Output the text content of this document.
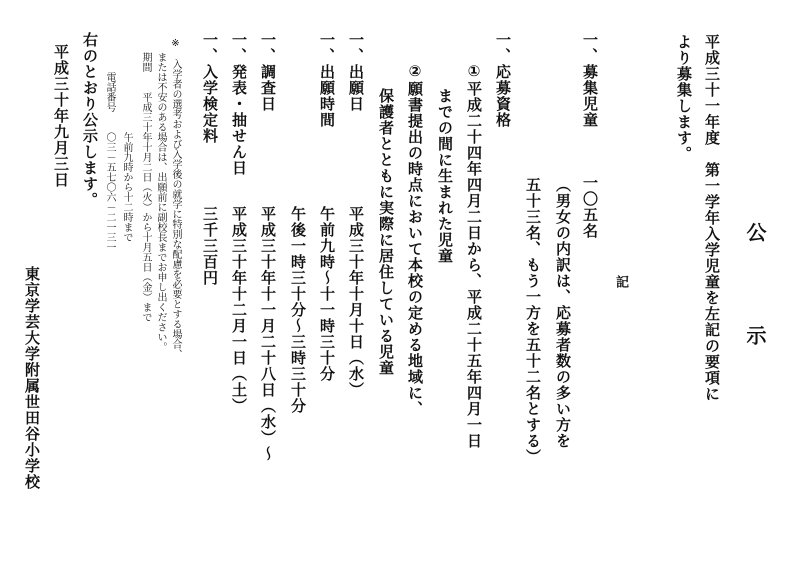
公
示
平成三十一年度　第一学年入学児童を左記の要項に
より募集します。
記
一、募集児童
一〇五名
（男女の内訳は、応募者数の多い方を
五十三名、もう一方を五十二名とする）
一、応募資格
①平成二十四年四月二日から、平成二十五年四月一日
までの間に生まれた児童
②願書提出の時点において本校の定める地域に、
保護者とともに実際に居住している児童
一、出願日
平成三十年十月十日（水）
一、出願時間
午前九時～十一時三十分
午後一時三十分～三時三十分
一、調査日
平成三十年十一月二十八日（水）～
一、発表・抽せん日
平成三十年十二月一日（土）
一、入学検定料
三千三百円
※　入学者の選考および入学後の就学に特別な配慮を必要とする場合、
または不安のある場合は、出願前に副校長までお申し出ください。
期間　　平成三十年十月二日（火）から十月五日（金）まで
午前九時から十二時まで
電話番号　　〇三－五七〇六－二一三一
右のとおり公示します。
平成三十年九月三日
東京学芸大学附属世田谷小学校
